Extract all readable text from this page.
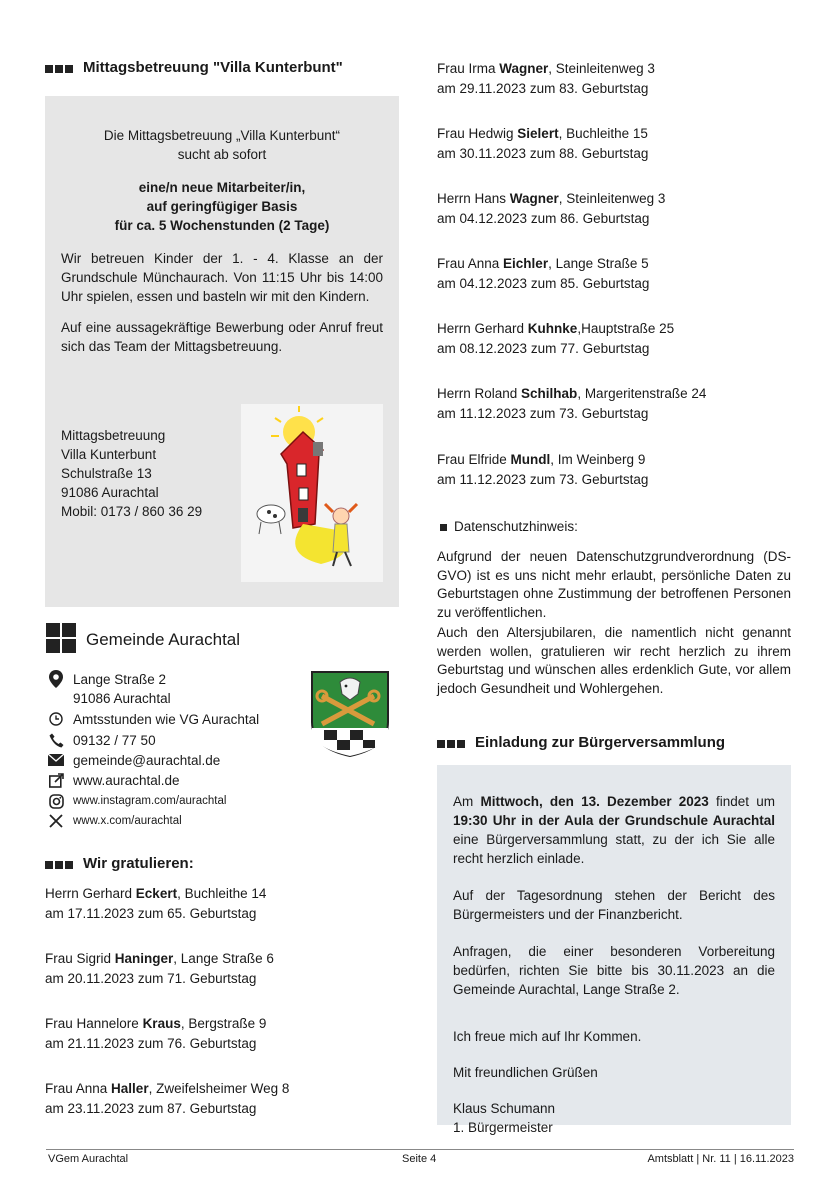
Mittagsbetreuung "Villa Kunterbunt"

Die Mittagsbetreuung „Villa Kunterbunt“

sucht ab sofort

eine/n neue Mitarbeiter/in,

auf geringfügiger Basis

für ca. 5 Wochenstunden (2 Tage)

Wir betreuen Kinder der 1. - 4. Klasse an der Grundschule Münchaurach. Von 11:15 Uhr bis 14:00 Uhr spielen, essen und basteln wir mit den Kindern.

Auf eine aussagekräftige Bewerbung oder Anruf freut sich das Team der Mittagsbetreuung.

Mittagsbetreuung

Villa Kunterbunt

Schulstraße 13

91086 Aurachtal

Mobil: 0173 / 860 36 29

Gemeinde Aurachtal
Lange Straße 2
91086 Aurachtal
Amtsstunden wie VG Aurachtal
09132 / 77 50
gemeinde@aurachtal.de
www.aurachtal.de
www.instagram.com/aurachtal
www.x.com/aurachtal
Wir gratulieren:
Herrn Gerhard Eckert, Buchleithe 14
am 17.11.2023 zum 65. Geburtstag
Frau Sigrid Haninger, Lange Straße 6
am 20.11.2023 zum 71. Geburtstag
Frau Hannelore Kraus, Bergstraße 9
am 21.11.2023 zum 76. Geburtstag
Frau Anna Haller, Zweifelsheimer Weg 8
am 23.11.2023 zum 87. Geburtstag
Frau Irma Wagner, Steinleitenweg 3
am 29.11.2023 zum 83. Geburtstag
Frau Hedwig Sielert, Buchleithe 15
am 30.11.2023 zum 88. Geburtstag
Herrn Hans Wagner, Steinleitenweg 3
am 04.12.2023 zum 86. Geburtstag
Frau Anna Eichler, Lange Straße 5
am 04.12.2023 zum 85. Geburtstag
Herrn Gerhard Kuhnke,Hauptstraße 25
am 08.12.2023 zum 77. Geburtstag
Herrn Roland Schilhab, Margeritenstraße 24
am 11.12.2023 zum 73. Geburtstag
Frau Elfride Mundl, Im Weinberg 9
am 11.12.2023 zum 73. Geburtstag
Datenschutzhinweis:

Aufgrund der neuen Datenschutzgrundverordnung (DS-GVO) ist es uns nicht mehr erlaubt, persönliche Daten zu Geburtstagen ohne Zustimmung der betroffenen Personen zu veröffentlichen.

Auch den Altersjubilaren, die namentlich nicht genannt werden wollen, gratulieren wir recht herzlich zu ihrem Geburtstag und wünschen alles erdenklich Gute, vor allem jedoch Gesundheit und Wohlergehen.

Einladung zur Bürgerversammlung

Am Mittwoch, den 13. Dezember 2023 findet um 19:30 Uhr in der Aula der Grundschule Aurachtal eine Bürgerversammlung statt, zu der ich Sie alle recht herzlich einlade.

Auf der Tagesordnung stehen der Bericht des Bürgermeisters und der Finanzbericht.

Anfragen, die einer besonderen Vorbereitung bedürfen, richten Sie bitte bis 30.11.2023 an die Gemeinde Aurachtal, Lange Straße 2.

Ich freue mich auf Ihr Kommen.

Mit freundlichen Grüßen

Klaus Schumann

1. Bürgermeister

VGem Aurachtal	Seite 4	Amtsblatt | Nr. 11 | 16.11.2023
